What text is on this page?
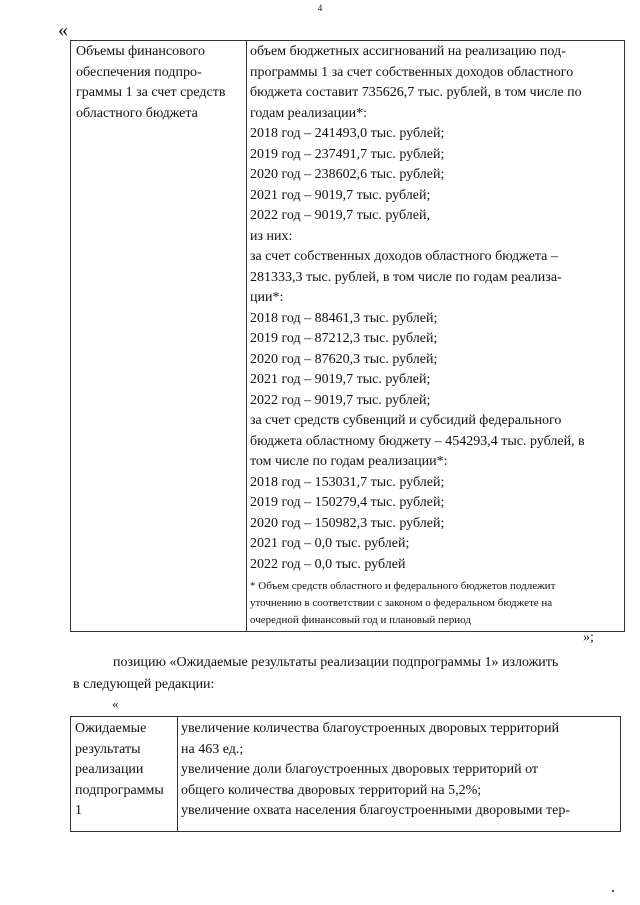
4
«
Объемы финансового
обеспечения подпро-
граммы 1 за счет средств
областного бюджета
объем бюджетных ассигнований на реализацию под-
программы 1 за счет собственных доходов областного
бюджета составит 735626,7 тыс. рублей, в том числе по
годам реализации*:
2018 год – 241493,0 тыс. рублей;
2019 год – 237491,7 тыс. рублей;
2020 год – 238602,6 тыс. рублей;
2021 год – 9019,7 тыс. рублей;
2022 год – 9019,7 тыс. рублей,
из них:
за счет собственных доходов областного бюджета –
281333,3 тыс. рублей, в том числе по годам реализа-
ции*:
2018 год – 88461,3 тыс. рублей;
2019 год – 87212,3 тыс. рублей;
2020 год – 87620,3 тыс. рублей;
2021 год – 9019,7 тыс. рублей;
2022 год – 9019,7 тыс. рублей;
за счет средств субвенций и субсидий федерального
бюджета областному бюджету – 454293,4 тыс. рублей, в
том числе по годам реализации*:
2018 год – 153031,7 тыс. рублей;
2019 год – 150279,4 тыс. рублей;
2020 год – 150982,3 тыс. рублей;
2021 год – 0,0 тыс. рублей;
2022 год – 0,0 тыс. рублей
* Объем средств областного и федерального бюджетов подлежит
уточнению в соответствии с законом о федеральном бюджете на
очередной финансовый год и плановый период
»;
позицию «Ожидаемые результаты реализации подпрограммы 1» изложить
в следующей редакции:
«
Ожидаемые
результаты
реализации
подпрограммы
1
увеличение количества благоустроенных дворовых территорий
на 463 ед.;
увеличение доли благоустроенных дворовых территорий от
общего количества дворовых территорий на 5,2%;
увеличение охвата населения благоустроенными дворовыми тер-
